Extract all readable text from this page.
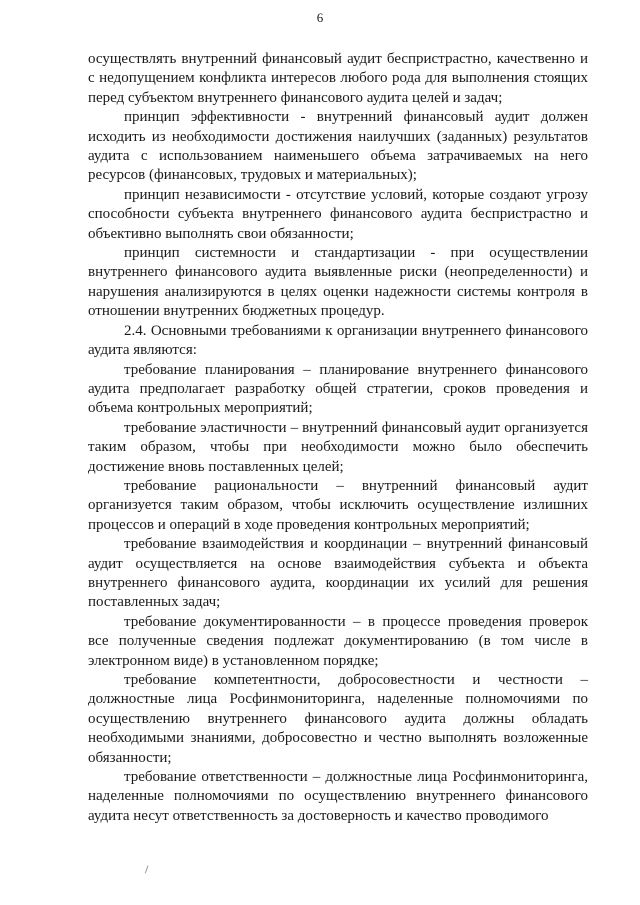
6

осуществлять внутренний финансовый аудит беспристрастно, качественно и с недопущением конфликта интересов любого рода для выполнения стоящих перед субъектом внутреннего финансового аудита целей и задач;

принцип эффективности - внутренний финансовый аудит должен исходить из необходимости достижения наилучших (заданных) результатов аудита с использованием наименьшего объема затрачиваемых на него ресурсов (финансовых, трудовых и материальных);

принцип независимости - отсутствие условий, которые создают угрозу способности субъекта внутреннего финансового аудита беспристрастно и объективно выполнять свои обязанности;

принцип системности и стандартизации - при осуществлении внутреннего финансового аудита выявленные риски (неопределенности) и нарушения анализируются в целях оценки надежности системы контроля в отношении внутренних бюджетных процедур.

2.4. Основными требованиями к организации внутреннего финансового аудита являются:

требование планирования – планирование внутреннего финансового аудита предполагает разработку общей стратегии, сроков проведения и объема контрольных мероприятий;

требование эластичности – внутренний финансовый аудит организуется таким образом, чтобы при необходимости можно было обеспечить достижение вновь поставленных целей;

требование рациональности – внутренний финансовый аудит организуется таким образом, чтобы исключить осуществление излишних процессов и операций в ходе проведения контрольных мероприятий;

требование взаимодействия и координации – внутренний финансовый аудит осуществляется на основе взаимодействия субъекта и объекта внутреннего финансового аудита, координации их усилий для решения поставленных задач;

требование документированности – в процессе проведения проверок все полученные сведения подлежат документированию (в том числе в электронном виде) в установленном порядке;

требование компетентности, добросовестности и честности – должностные лица Росфинмониторинга, наделенные полномочиями по осуществлению внутреннего финансового аудита должны обладать необходимыми знаниями, добросовестно и честно выполнять возложенные обязанности;

требование ответственности – должностные лица Росфинмониторинга, наделенные полномочиями по осуществлению внутреннего финансового аудита несут ответственность за достоверность и качество проводимого
